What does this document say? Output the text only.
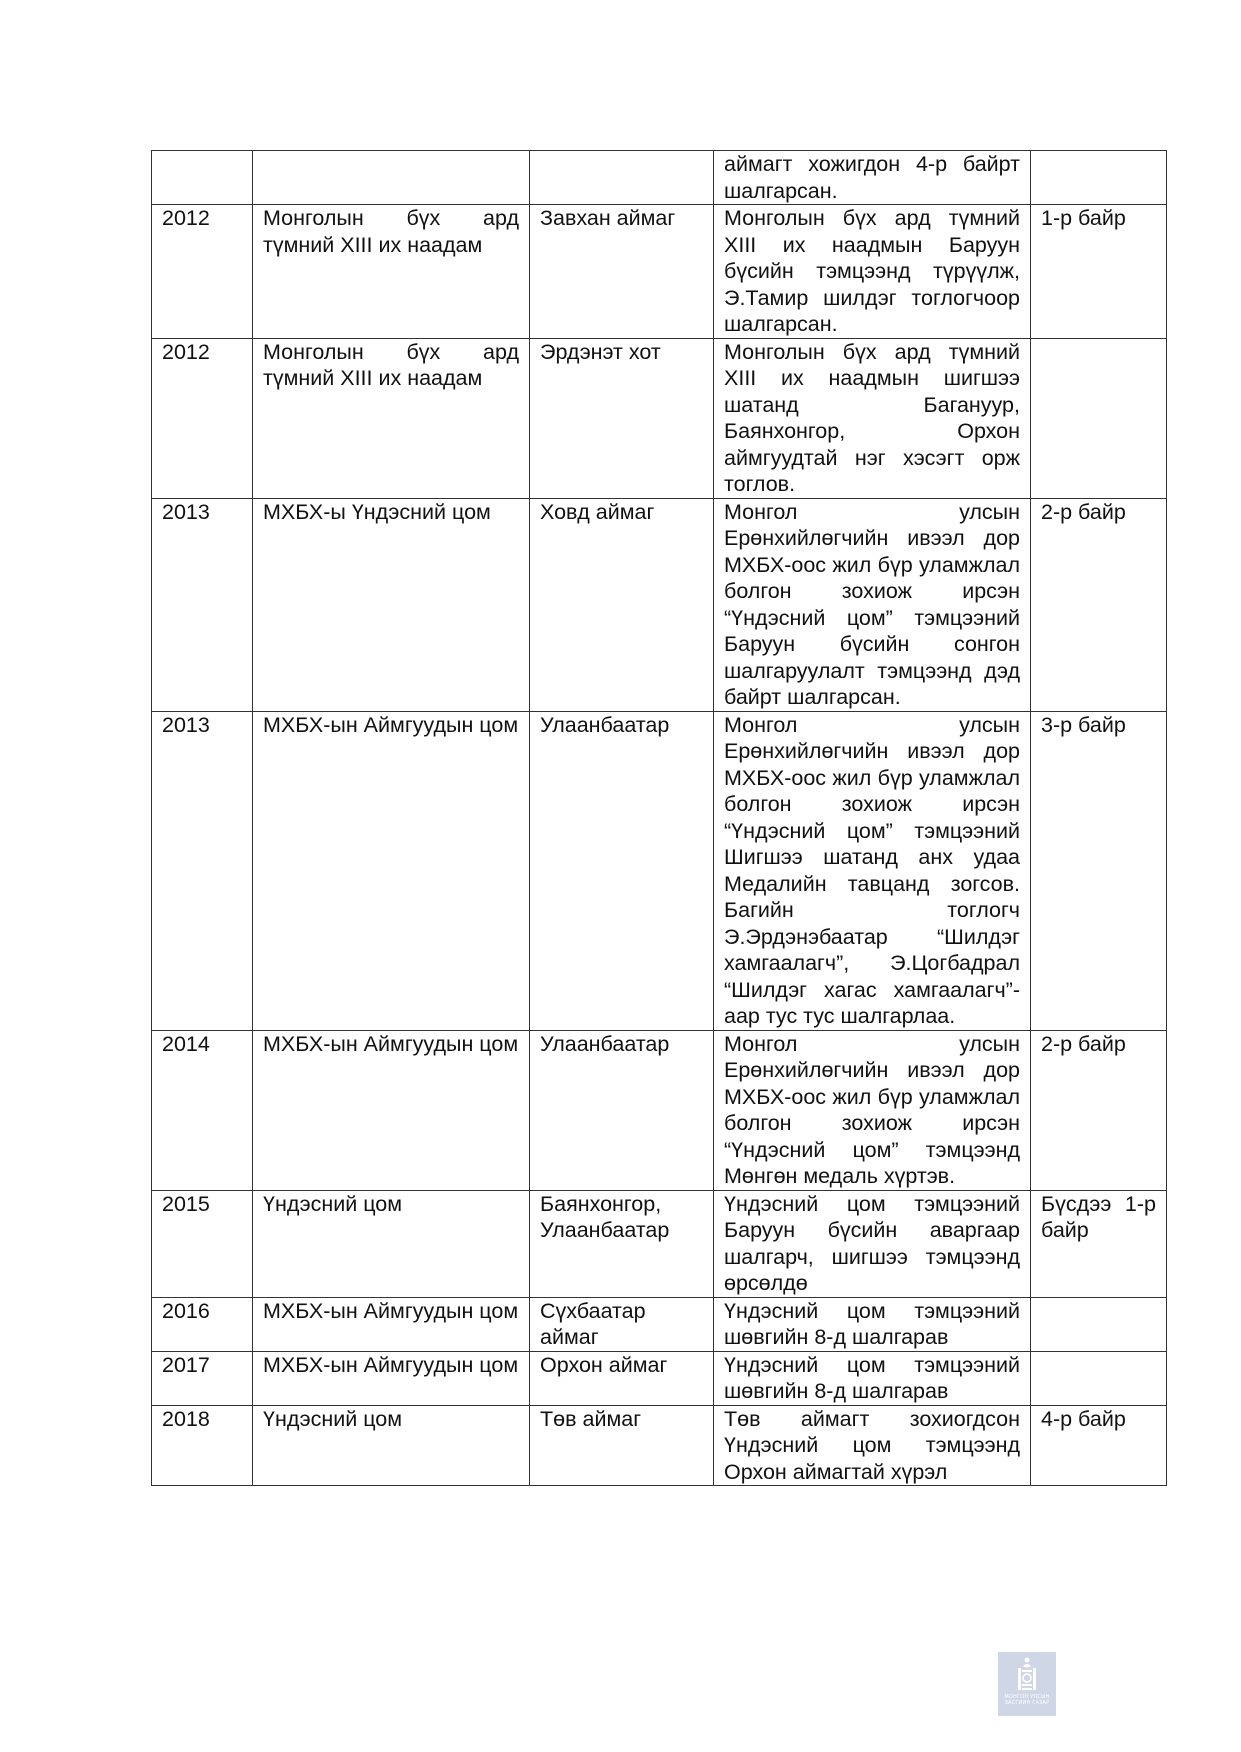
			аймагт хожигдон 4-р байрт шалгарсан.	
2012	Монголын бүх ард түмний XIII их наадам	Завхан аймаг	Монголын бүх ард түмний XIII их наадмын Баруун бүсийн тэмцээнд түрүүлж, Э.Тамир шилдэг тоглогчоор шалгарсан.	1-р байр
2012	Монголын бүх ард түмний XIII их наадам	Эрдэнэт хот	Монголын бүх ард түмний XIII их наадмын шигшээ шатанд Багануур, Баянхонгор, Орхон аймгуудтай нэг хэсэгт орж тоглов.	
2013	МХБХ-ы Үндэсний цом	Ховд аймаг	Монгол улсын Ерөнхийлөгчийн ивээл дор МХБХ-оос жил бүр уламжлал болгон зохиож ирсэн “Үндэсний цом” тэмцээний Баруун бүсийн сонгон шалгаруулалт тэмцээнд дэд байрт шалгарсан.	2-р байр
2013	МХБХ-ын Аймгуудын цом	Улаанбаатар	Монгол улсын Ерөнхийлөгчийн ивээл дор МХБХ-оос жил бүр уламжлал болгон зохиож ирсэн “Үндэсний цом” тэмцээний Шигшээ шатанд анх удаа Медалийн тавцанд зогсов. Багийн тоглогч Э.Эрдэнэбаатар “Шилдэг хамгаалагч”, Э.Цогбадрал “Шилдэг хагас хамгаалагч”-аар тус тус шалгарлаа.	3-р байр
2014	МХБХ-ын Аймгуудын цом	Улаанбаатар	Монгол улсын Ерөнхийлөгчийн ивээл дор МХБХ-оос жил бүр уламжлал болгон зохиож ирсэн “Үндэсний цом” тэмцээнд Мөнгөн медаль хүртэв.	2-р байр
2015	Үндэсний цом	Баянхонгор, Улаанбаатар	Үндэсний цом тэмцээний Баруун бүсийн аваргаар шалгарч, шигшээ тэмцээнд өрсөлдө	Бүсдээ 1-р байр
2016	МХБХ-ын Аймгуудын цом	Сүхбаатар аймаг	Үндэсний цом тэмцээний шөвгийн 8-д шалгарав	
2017	МХБХ-ын Аймгуудын цом	Орхон аймаг	Үндэсний цом тэмцээний шөвгийн 8-д шалгарав	
2018	Үндэсний цом	Төв аймаг	Төв аймагт зохиогдсон Үндэсний цом тэмцээнд Орхон аймагтай хүрэл	4-р байр
МОНГОЛ УЛСЫН ЗАСГИЙН ГАЗАР
